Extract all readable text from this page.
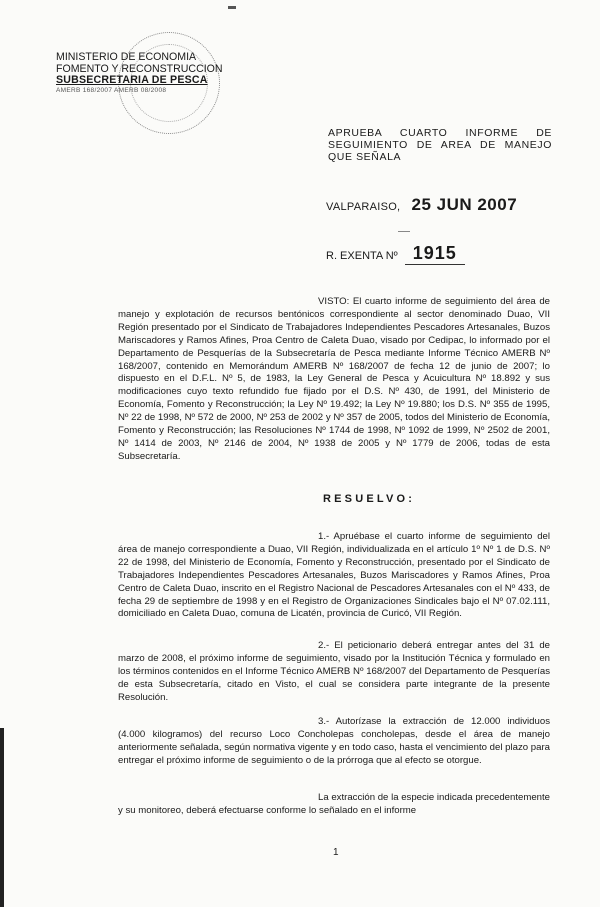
MINISTERIO DE ECONOMIA
FOMENTO Y RECONSTRUCCION
SUBSECRETARIA DE PESCA
AMERB 168/2007 AMERB 08/2008
APRUEBA CUARTO INFORME DE SEGUIMIENTO DE AREA DE MANEJO QUE SEÑALA
VALPARAISO, 25 JUN 2007
R. EXENTA Nº 1915
VISTO: El cuarto informe de seguimiento del área de manejo y explotación de recursos bentónicos correspondiente al sector denominado Duao, VII Región presentado por el Sindicato de Trabajadores Independientes Pescadores Artesanales, Buzos Mariscadores y Ramos Afines, Proa Centro de Caleta Duao, visado por Cedipac, lo informado por el Departamento de Pesquerías de la Subsecretaría de Pesca mediante Informe Técnico AMERB Nº 168/2007, contenido en Memorándum AMERB Nº 168/2007 de fecha 12 de junio de 2007; lo dispuesto en el D.F.L. Nº 5, de 1983, la Ley General de Pesca y Acuicultura Nº 18.892 y sus modificaciones cuyo texto refundido fue fijado por el D.S. Nº 430, de 1991, del Ministerio de Economía, Fomento y Reconstrucción; la Ley Nº 19.492; la Ley Nº 19.880; los D.S. Nº 355 de 1995, Nº 22 de 1998, Nº 572 de 2000, Nº 253 de 2002 y Nº 357 de 2005, todos del Ministerio de Economía, Fomento y Reconstrucción; las Resoluciones Nº 1744 de 1998, Nº 1092 de 1999, Nº 2502 de 2001, Nº 1414 de 2003, Nº 2146 de 2004, Nº 1938 de 2005 y Nº 1779 de 2006, todas de esta Subsecretaría.
RESUELVO:
1.- Apruébase el cuarto informe de seguimiento del área de manejo correspondiente a Duao, VII Región, individualizada en el artículo 1º Nº 1 de D.S. Nº 22 de 1998, del Ministerio de Economía, Fomento y Reconstrucción, presentado por el Sindicato de Trabajadores Independientes Pescadores Artesanales, Buzos Mariscadores y Ramos Afines, Proa Centro de Caleta Duao, inscrito en el Registro Nacional de Pescadores Artesanales con el Nº 433, de fecha 29 de septiembre de 1998 y en el Registro de Organizaciones Sindicales bajo el Nº 07.02.111, domiciliado en Caleta Duao, comuna de Licatén, provincia de Curicó, VII Región.
2.- El peticionario deberá entregar antes del 31 de marzo de 2008, el próximo informe de seguimiento, visado por la Institución Técnica y formulado en los términos contenidos en el Informe Técnico AMERB Nº 168/2007 del Departamento de Pesquerías de esta Subsecretaría, citado en Visto, el cual se considera parte integrante de la presente Resolución.
3.- Autorízase la extracción de 12.000 individuos (4.000 kilogramos) del recurso Loco Concholepas concholepas, desde el área de manejo anteriormente señalada, según normativa vigente y en todo caso, hasta el vencimiento del plazo para entregar el próximo informe de seguimiento o de la prórroga que al efecto se otorgue.
La extracción de la especie indicada precedentemente y su monitoreo, deberá efectuarse conforme lo señalado en el informe
1
